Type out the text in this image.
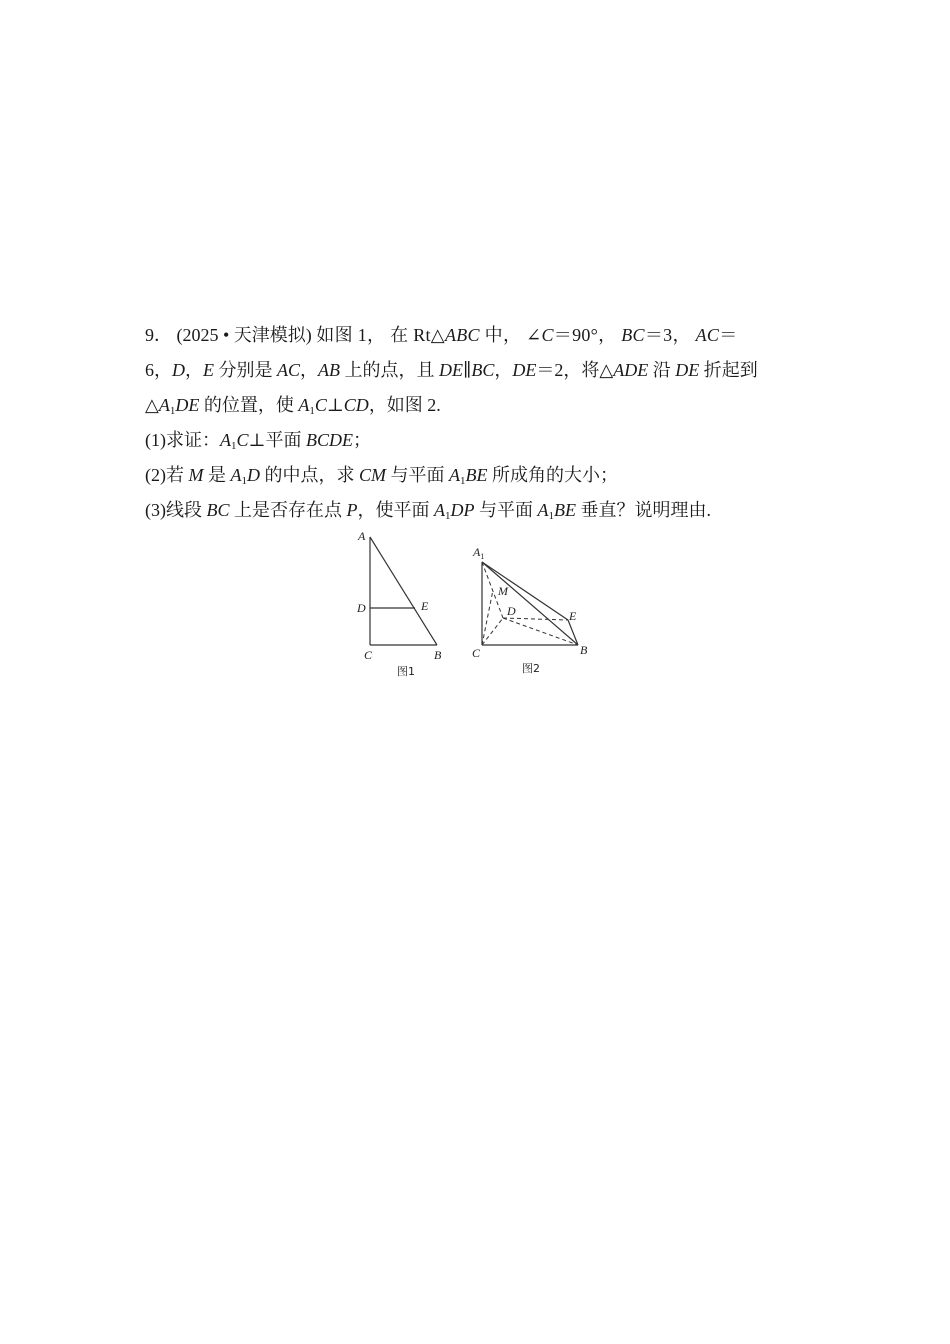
9． (2025 • 天津模拟) 如图 1， 在 Rt△ABC 中， ∠C＝90°， BC＝3， AC＝
6，D，E 分别是 AC，AB 上的点，且 DE∥BC，DE＝2，将△ADE 沿 DE 折起到
$\triangle A_1DE$ 的位置，使 $A_1C\perp CD$，如图 2.
(1)求证：$A_1C\perp$平面 BCDE；
(2)若 M 是 $A_1D$ 的中点，求 CM 与平面 $A_1BE$ 所成角的大小；
(3)线段 BC 上是否存在点 P，使平面 $A_1DP$ 与平面 $A_1BE$ 垂直？说明理由.
A
D	E
C	B
图1
$A_1$
M
D	E
C	B
图2
